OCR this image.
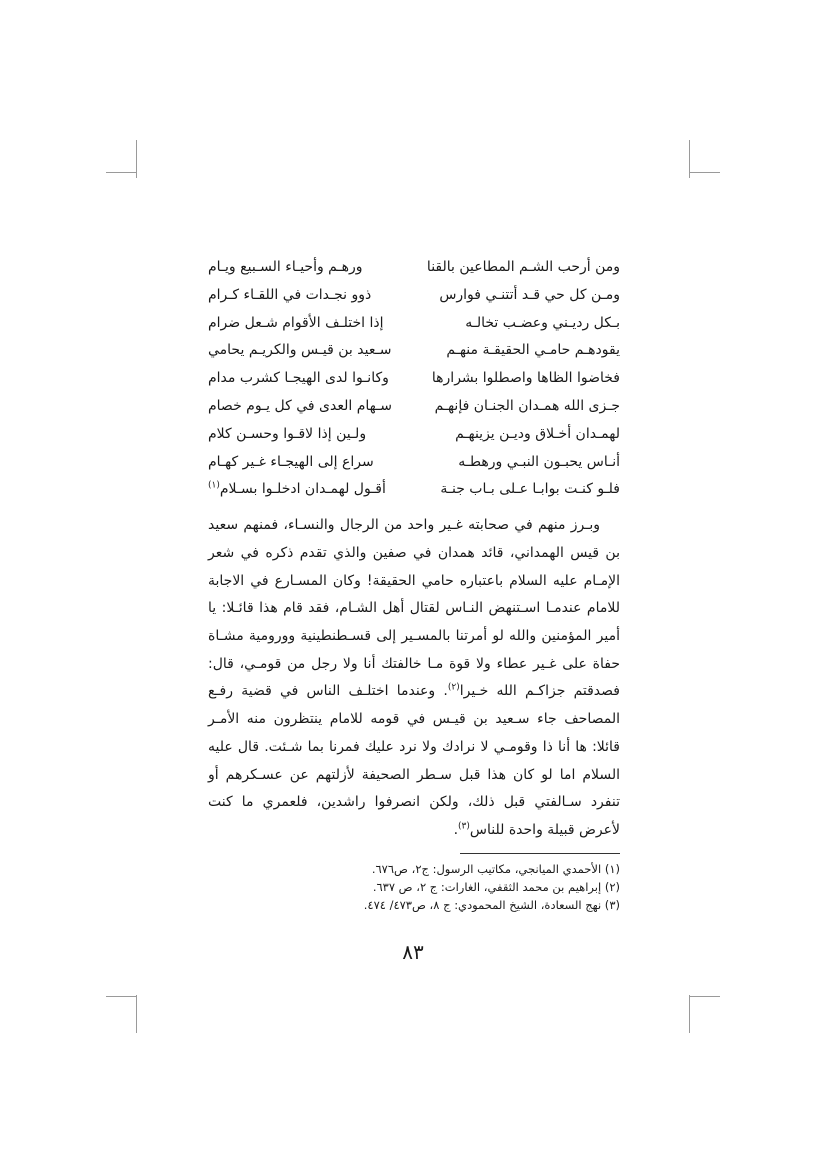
ومن أرحب الشـم المطاعين بالقنا
ورهـم وأحيـاء السـبيع ويـام
ومـن كل حي قـد أتتنـي فوارس
ذوو نجـدات في اللقـاء كـرام
بـكل رديـني وعضـب تخالـه
إذا اختلـف الأقوام شـعل ضرام
يقودهـم حامـي الحقيقـة منهـم
سـعيد بن قيـس والكريـم يحامي
فخاضوا الظاها واصطلوا بشرارها
وكانـوا لدى الهيجـا كشرب مدام
جـزى الله همـدان الجنـان فإنهـم
سـهام العدى في كل يـوم خصام
لهمـدان أخـلاق وديـن يزينهـم
ولـين إذا لاقـوا وحسـن كلام
أنـاس يحبـون النبـي ورهطـه
سراع إلى الهيجـاء غـير كهـام
فلـو كنـت بوابـا عـلى بـاب جنـة
أقـول لهمـدان ادخلـوا بسـلام$^{(١)}$

وبـرز منهم في صحابته غـير واحد من الرجال والنسـاء، فمنهم سعيد بن قيس الهمداني، قائد همدان في صفين والذي تقدم ذكره في شعر الإمـام عليه السلام باعتباره حامي الحقيقة! وكان المسـارع في الاجابة للامام عندمـا اسـتنهض النـاس لقتال أهل الشـام، فقد قام هذا قائـلا: يا أمير المؤمنين والله لو أمرتنا بالمسـير إلى قسـطنطينية وورومية مشـاة حفاة على غـير عطاء ولا قوة مـا خالفتك أنا ولا رجل من قومـي، قال: فصدقتم جزاكـم الله خـيرا$^{(٢)}$. وعندما اختلـف الناس في قضية رفـع المصاحف جاء سـعيد بن قيـس في قومه للامام ينتظرون منه الأمـر قائلا: ها أنا ذا وقومـي لا نرادك ولا نرد عليك فمرنا بما شـئت. قال عليه السلام اما لو كان هذا قبل سـطر الصحيفة لأزلتهم عن عسـكرهم أو تنفرد سـالفتي قبل ذلك، ولكن انصرفوا راشدين، فلعمري ما كنت لأعرض قبيلة واحدة للناس$^{(٣)}$.

(١) الأحمدي الميانجي، مكاتيب الرسول: ج٢، ص٦٧٦.
(٢) إبراهيم بن محمد الثقفي، الغارات: ج ٢، ص ٦٣٧.
(٣) نهج السعادة، الشيخ المحمودي: ج ٨، ص٤٧٣/ ٤٧٤.
٨٣
